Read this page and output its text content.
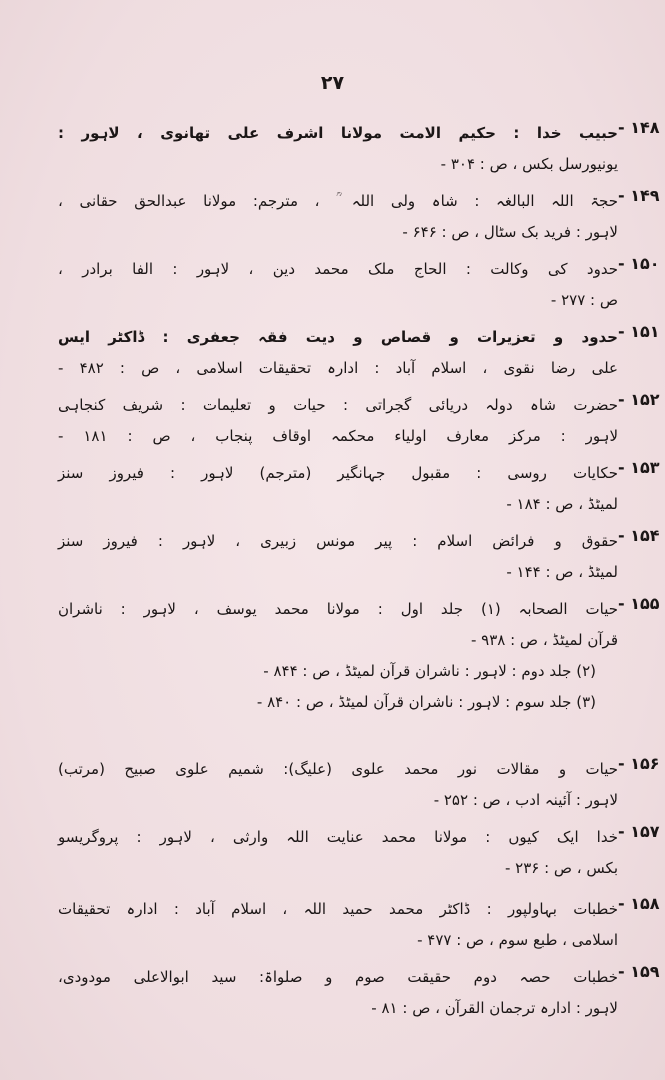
۲۷
۱۴۸ -
حبیب خدا : حکیم الامت مولانا اشرف علی تھانوی ، لاہور :
یونیورسل بکس ، ص : ۳۰۴ -
۱۴۹ -
حجۃ اللہ البالغہ : شاہ ولی اللہ ؒ ، مترجم: مولانا عبدالحق حقانی ،
لاہور : فرید بک سٹال ، ص : ۶۴۶ -
۱۵۰ -
حدود کی وکالت : الحاج ملک محمد دین ، لاہور : الفا برادر ،
ص : ۲۷۷ -
۱۵۱ -
حدود و تعزیرات و قصاص و دیت فقہ جعفری : ڈاکٹر ایس
علی رضا نقوی ، اسلام آباد : ادارہ تحقیقات اسلامی ، ص : ۴۸۲ -
۱۵۲ -
حضرت شاہ دولہ دریائی گجراتی : حیات و تعلیمات : شریف کنجاہی
لاہور : مرکز معارف اولیاء محکمہ اوقاف پنجاب ، ص : ۱۸۱ -
۱۵۳ -
حکایات روسی : مقبول جہانگیر (مترجم) لاہور : فیروز سنز
لمیٹڈ ، ص : ۱۸۴ -
۱۵۴ -
حقوق و فرائض اسلام : پیر مونس زبیری ، لاہور : فیروز سنز
لمیٹڈ ، ص : ۱۴۴ -
۱۵۵ -
حیات الصحابہ (۱) جلد اول : مولانا محمد یوسف ، لاہور : ناشران
قرآن لمیٹڈ ، ص : ۹۳۸ -
(۲) جلد دوم : لاہور : ناشران قرآن لمیٹڈ ، ص : ۸۴۴ -
(۳) جلد سوم : لاہور : ناشران قرآن لمیٹڈ ، ص : ۸۴۰ -
۱۵۶ -
حیات و مقالات نور محمد علوی (علیگ): شمیم علوی صبیح (مرتب)
لاہور : آئینہ ادب ، ص : ۲۵۲ -
۱۵۷ -
خدا ایک کیوں : مولانا محمد عنایت اللہ وارثی ، لاہور : پروگریسو
بکس ، ص : ۲۳۶ -
۱۵۸ -
خطبات بہاولپور : ڈاکٹر محمد حمید اللہ ، اسلام آباد : ادارہ تحقیقات
اسلامی ، طبع سوم ، ص : ۴۷۷ -
۱۵۹ -
خطبات حصہ دوم حقیقت صوم و صلواۃ: سید ابوالاعلی مودودی،
لاہور : ادارہ ترجمان القرآن ، ص : ۸۱ -
